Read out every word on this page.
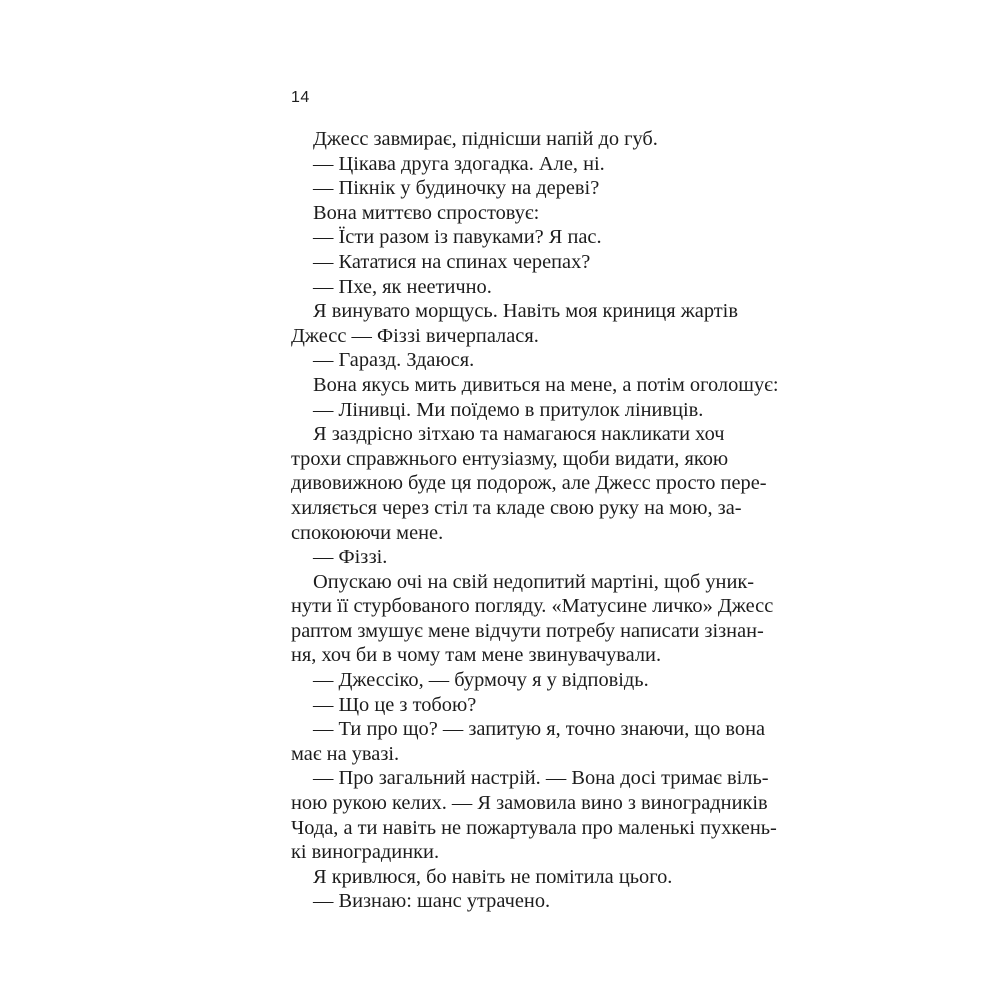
14
Джесс завмирає, піднісши напій до губ.
— Цікава друга здогадка. Але, ні.
— Пікнік у будиночку на дереві?
Вона миттєво спростовує:
— Їсти разом із павуками? Я пас.
— Кататися на спинах черепах?
— Пхе, як неетично.
Я винувато морщусь. Навіть моя криниця жартів
Джесс — Фіззі вичерпалася.
— Гаразд. Здаюся.
Вона якусь мить дивиться на мене, а потім оголошує:
— Лінивці. Ми поїдемо в притулок лінивців.
Я заздрісно зітхаю та намагаюся накликати хоч
трохи справжнього ентузіазму, щоби видати, якою
дивовижною буде ця подорож, але Джесс просто пере-
хиляється через стіл та кладе свою руку на мою, за-
спокоюючи мене.
— Фіззі.
Опускаю очі на свій недопитий мартіні, щоб уник-
нути її стурбованого погляду. «Матусине личко» Джесс
раптом змушує мене відчути потребу написати зізнан-
ня, хоч би в чому там мене звинувачували.
— Джессіко, — бурмочу я у відповідь.
— Що це з тобою?
— Ти про що? — запитую я, точно знаючи, що вона
має на увазі.
— Про загальний настрій. — Вона досі тримає віль-
ною рукою келих. — Я замовила вино з виноградників
Чода, а ти навіть не пожартувала про маленькі пухкень-
кі виноградинки.
Я кривлюся, бо навіть не помітила цього.
— Визнаю: шанс утрачено.
